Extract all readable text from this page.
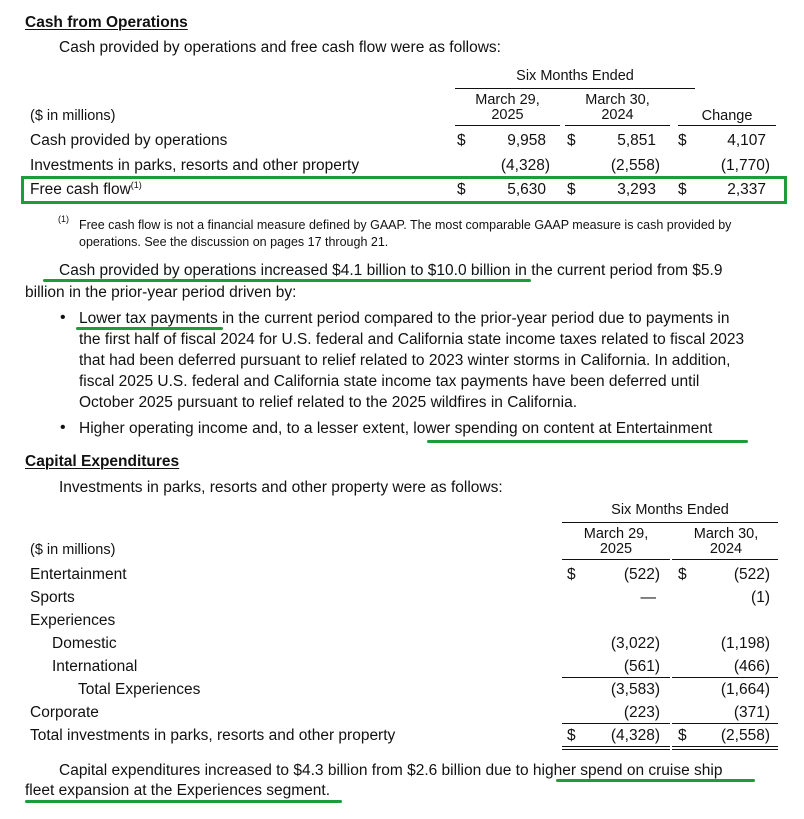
Cash from Operations
Cash provided by operations and free cash flow were as follows:
Six Months Ended
March 29,
2025
March 30,
2024	Change
($ in millions)
Cash provided by operations	$	9,958 $	5,851 $	4,107
Investments in parks, resorts and other property	(4,328)	(2,558)	(1,770)
Free cash flow$^{(1)}$	$	5,630 $	3,293 $	2,337
(1) Free cash flow is not a financial measure defined by GAAP. The most comparable GAAP measure is cash provided by
operations. See the discussion on pages 17 through 21.
Cash provided by operations increased $4.1 billion to $10.0 billion in the current period from $5.9
billion in the prior-year period driven by:
• Lower tax payments in the current period compared to the prior-year period due to payments in
the first half of fiscal 2024 for U.S. federal and California state income taxes related to fiscal 2023
that had been deferred pursuant to relief related to 2023 winter storms in California. In addition,
fiscal 2025 U.S. federal and California state income tax payments have been deferred until
October 2025 pursuant to relief related to the 2025 wildfires in California.
• Higher operating income and, to a lesser extent, lower spending on content at Entertainment
Capital Expenditures
Investments in parks, resorts and other property were as follows:
Six Months Ended
March 29,
2025
March 30,
2024
($ in millions)
Entertainment	$	(522) $	(522)
Sports	—	(1)
Experiences
Domestic	(3,022)	(1,198)
International	(561)	(466)
Total Experiences	(3,583)	(1,664)
Corporate	(223)	(371)
Total investments in parks, resorts and other property	$	(4,328) $	(2,558)
Capital expenditures increased to $4.3 billion from $2.6 billion due to higher spend on cruise ship
fleet expansion at the Experiences segment.
